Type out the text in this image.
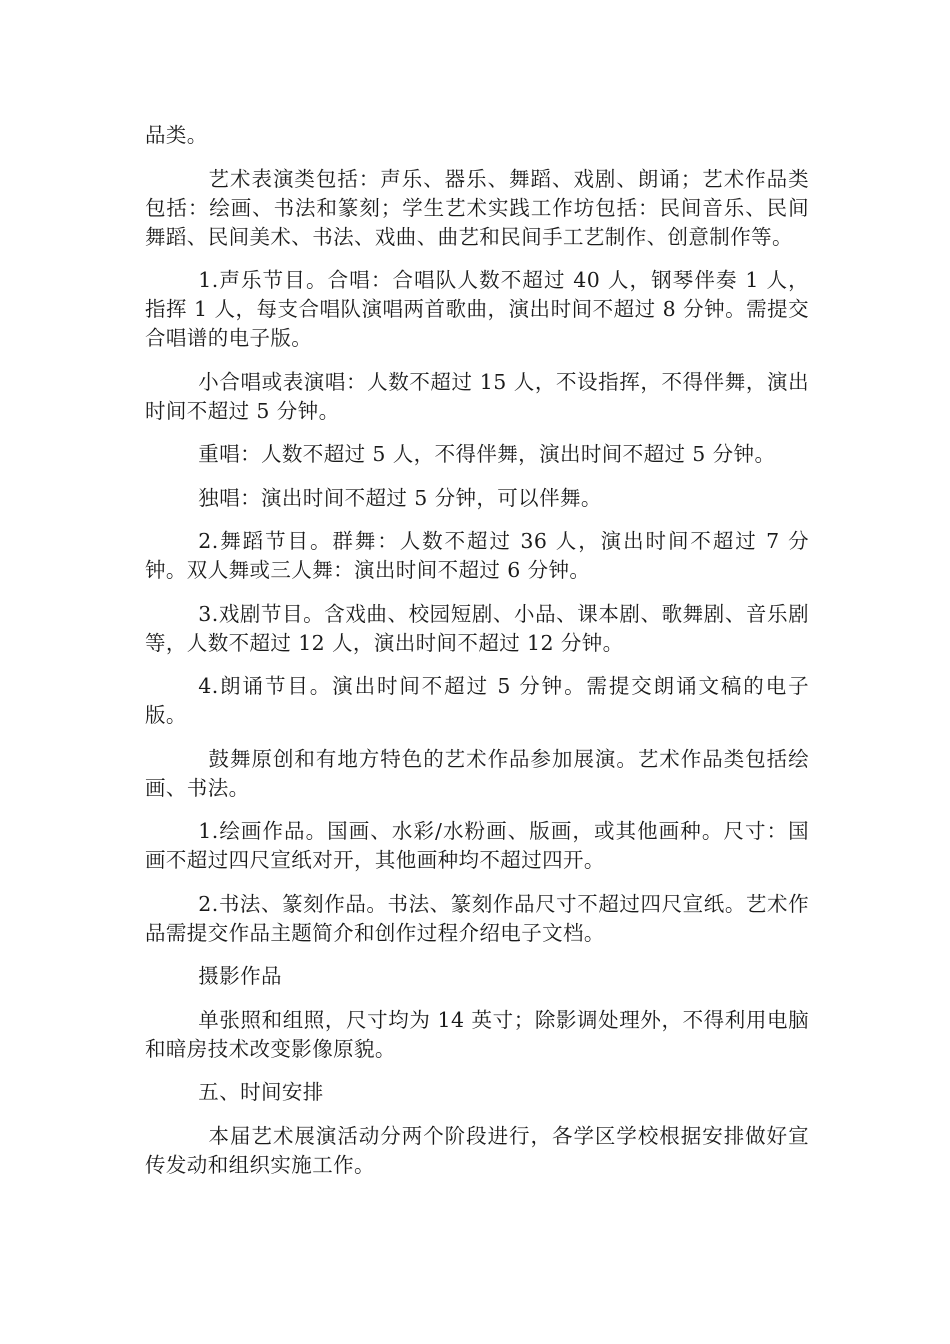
品类。

艺术表演类包括：声乐、器乐、舞蹈、戏剧、朗诵；艺术作品类包括：绘画、书法和篆刻；学生艺术实践工作坊包括：民间音乐、民间舞蹈、民间美术、书法、戏曲、曲艺和民间手工艺制作、创意制作等。

1.声乐节目。合唱：合唱队人数不超过 40 人，钢琴伴奏 1 人，指挥 1 人，每支合唱队演唱两首歌曲，演出时间不超过 8 分钟。需提交合唱谱的电子版。

小合唱或表演唱：人数不超过 15 人，不设指挥，不得伴舞，演出时间不超过 5 分钟。

重唱：人数不超过 5 人，不得伴舞，演出时间不超过 5 分钟。

独唱：演出时间不超过 5 分钟，可以伴舞。

2.舞蹈节目。群舞：人数不超过 36 人，演出时间不超过 7 分钟。双人舞或三人舞：演出时间不超过 6 分钟。

3.戏剧节目。含戏曲、校园短剧、小品、课本剧、歌舞剧、音乐剧等，人数不超过 12 人，演出时间不超过 12 分钟。

4.朗诵节目。演出时间不超过 5 分钟。需提交朗诵文稿的电子版。

鼓舞原创和有地方特色的艺术作品参加展演。艺术作品类包括绘画、书法。

1.绘画作品。国画、水彩/水粉画、版画，或其他画种。尺寸：国画不超过四尺宣纸对开，其他画种均不超过四开。

2.书法、篆刻作品。书法、篆刻作品尺寸不超过四尺宣纸。艺术作品需提交作品主题简介和创作过程介绍电子文档。

摄影作品

单张照和组照，尺寸均为 14 英寸；除影调处理外，不得利用电脑和暗房技术改变影像原貌。

五、时间安排

本届艺术展演活动分两个阶段进行，各学区学校根据安排做好宣传发动和组织实施工作。
